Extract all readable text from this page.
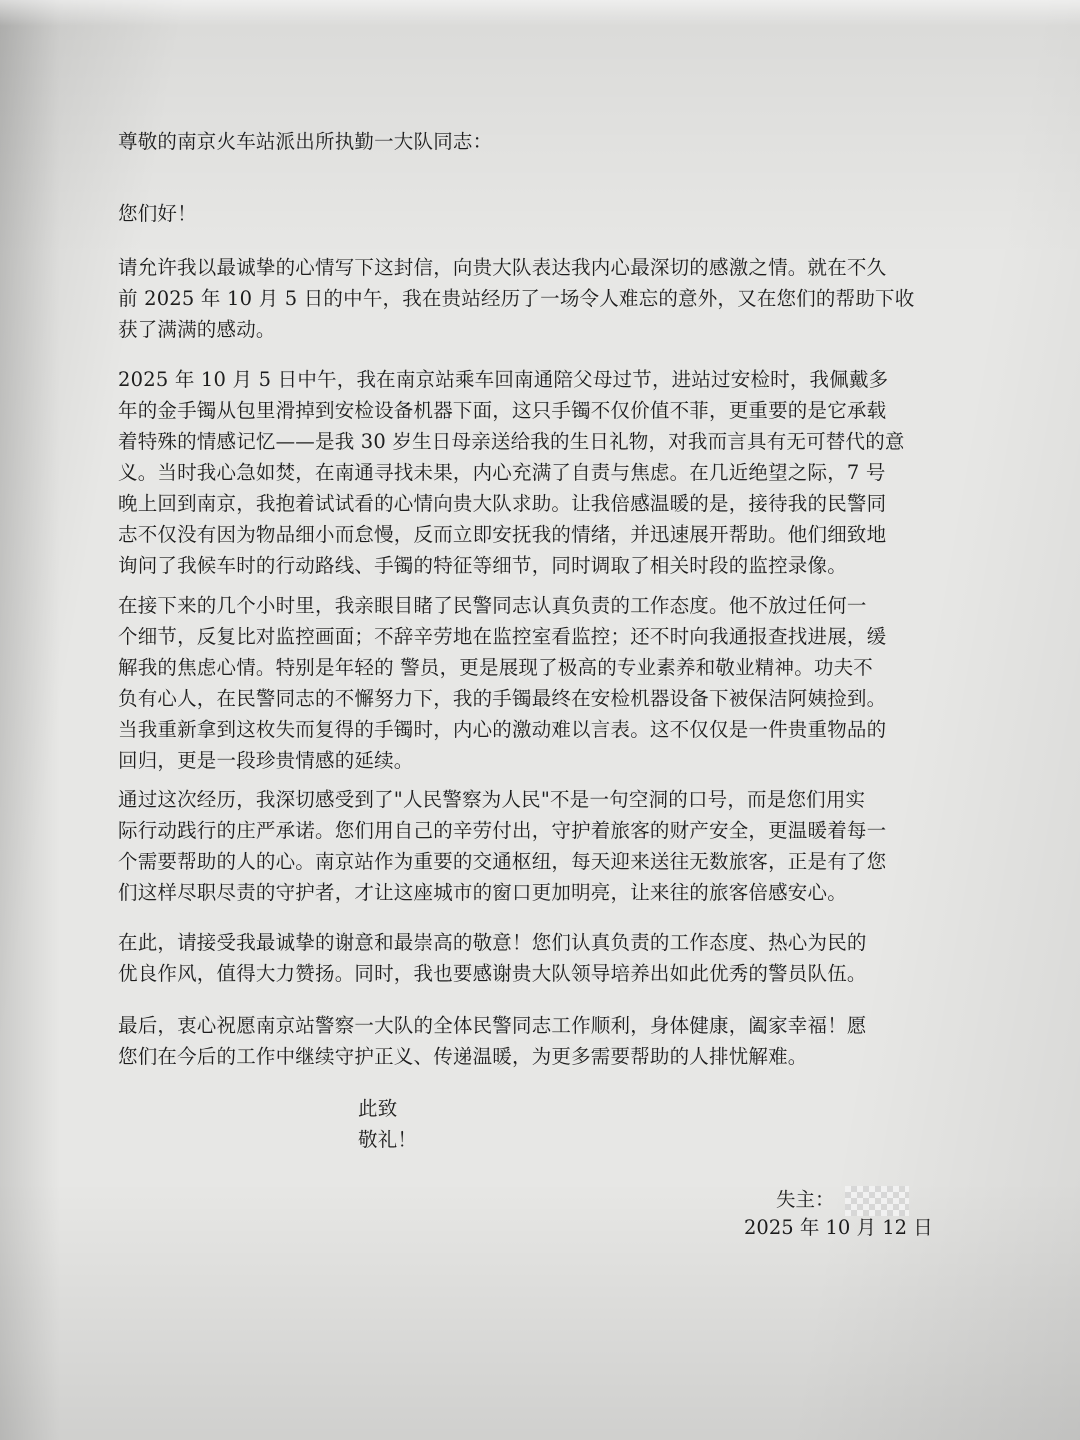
尊敬的南京火车站派出所执勤一大队同志：
您们好！
请允许我以最诚挚的心情写下这封信，向贵大队表达我内心最深切的感激之情。就在不久
前 2025 年 10 月 5 日的中午，我在贵站经历了一场令人难忘的意外，又在您们的帮助下收
获了满满的感动。
2025 年 10 月 5 日中午，我在南京站乘车回南通陪父母过节，进站过安检时，我佩戴多
年的金手镯从包里滑掉到安检设备机器下面，这只手镯不仅价值不菲，更重要的是它承载
着特殊的情感记忆——是我 30 岁生日母亲送给我的生日礼物，对我而言具有无可替代的意
义。当时我心急如焚，在南通寻找未果，内心充满了自责与焦虑。在几近绝望之际，7 号
晚上回到南京，我抱着试试看的心情向贵大队求助。让我倍感温暖的是，接待我的民警同
志不仅没有因为物品细小而怠慢，反而立即安抚我的情绪，并迅速展开帮助。他们细致地
询问了我候车时的行动路线、手镯的特征等细节，同时调取了相关时段的监控录像。
在接下来的几个小时里，我亲眼目睹了民警同志认真负责的工作态度。他不放过任何一
个细节，反复比对监控画面；不辞辛劳地在监控室看监控；还不时向我通报查找进展，缓
解我的焦虑心情。特别是年轻的 警员，更是展现了极高的专业素养和敬业精神。功夫不
负有心人，在民警同志的不懈努力下，我的手镯最终在安检机器设备下被保洁阿姨捡到。
当我重新拿到这枚失而复得的手镯时，内心的激动难以言表。这不仅仅是一件贵重物品的
回归，更是一段珍贵情感的延续。
通过这次经历，我深切感受到了"人民警察为人民"不是一句空洞的口号，而是您们用实
际行动践行的庄严承诺。您们用自己的辛劳付出，守护着旅客的财产安全，更温暖着每一
个需要帮助的人的心。南京站作为重要的交通枢纽，每天迎来送往无数旅客，正是有了您
们这样尽职尽责的守护者，才让这座城市的窗口更加明亮，让来往的旅客倍感安心。
在此，请接受我最诚挚的谢意和最崇高的敬意！您们认真负责的工作态度、热心为民的
优良作风，值得大力赞扬。同时，我也要感谢贵大队领导培养出如此优秀的警员队伍。
最后，衷心祝愿南京站警察一大队的全体民警同志工作顺利，身体健康，阖家幸福！愿
您们在今后的工作中继续守护正义、传递温暖，为更多需要帮助的人排忧解难。
此致
敬礼！
失主：
2025 年 10 月 12 日
